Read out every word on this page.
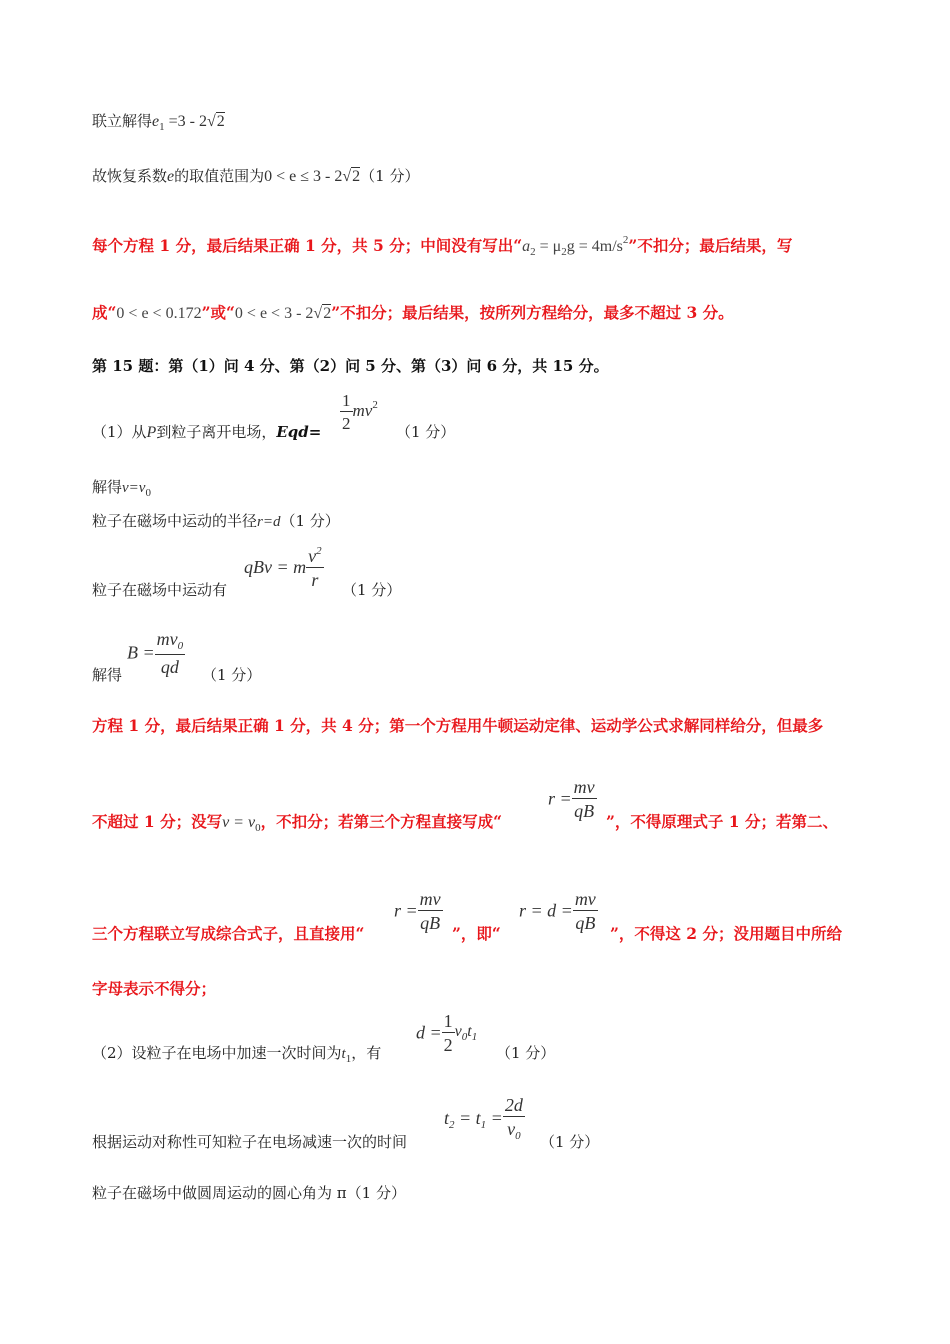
联立解得$e_1 =3 - 2√2$
故恢复系数e的取值范围为0 < e ≤ 3 - 2√2（1 分）
每个方程 1 分，最后结果正确 1 分，共 5 分；中间没有写出“$a_2 = \mu_2g = 4m/s^2$”不扣分；最后结果，写
成“0 < e < 0.172”或“0 < e < 3 - 2√2”不扣分；最后结果，按所列方程给分，最多不超过 3 分。
第 15 题：第（1）问 4 分、第（2）问 5 分、第（3）问 6 分，共 15 分。
（1）从P到粒子离开电场，$Eqd= \frac{1}{2} mv^2$
（1 分）
解得$v=v_0$
粒子在磁场中运动的半径r=d（1 分）
粒子在磁场中运动有
qBv = m $\frac{v^2}{r}$
（1 分）
解得
$B = \frac{mv_0}{qd} (1$ 分）
方程 1 分，最后结果正确 1 分，共 4 分；第一个方程用牛顿运动定律、运动学公式求解同样给分，但最多
不超过 1 分；没写$v = v_0$，不扣分；若第三个方程直接写成“
$r = \frac{mv}{qB}$
”，不得原理式子 1 分；若第二、
三个方程联立写成综合式子，且直接用“
$r = \frac{mv}{qB}$
”，即“
$r = d = \frac{mv}{qB}$
”，不得这 2 分；没用题目中所给
字母表示不得分；
（2）设粒子在电场中加速一次时间为$t_1$，有
$d = \frac{1}{2} v_0t_1$
（1 分）
根据运动对称性可知粒子在电场减速一次的时间
$t_2 = t_1 = \frac{2d}{v_0} (1$ 分）
粒子在磁场中做圆周运动的圆心角为 π（1 分）
